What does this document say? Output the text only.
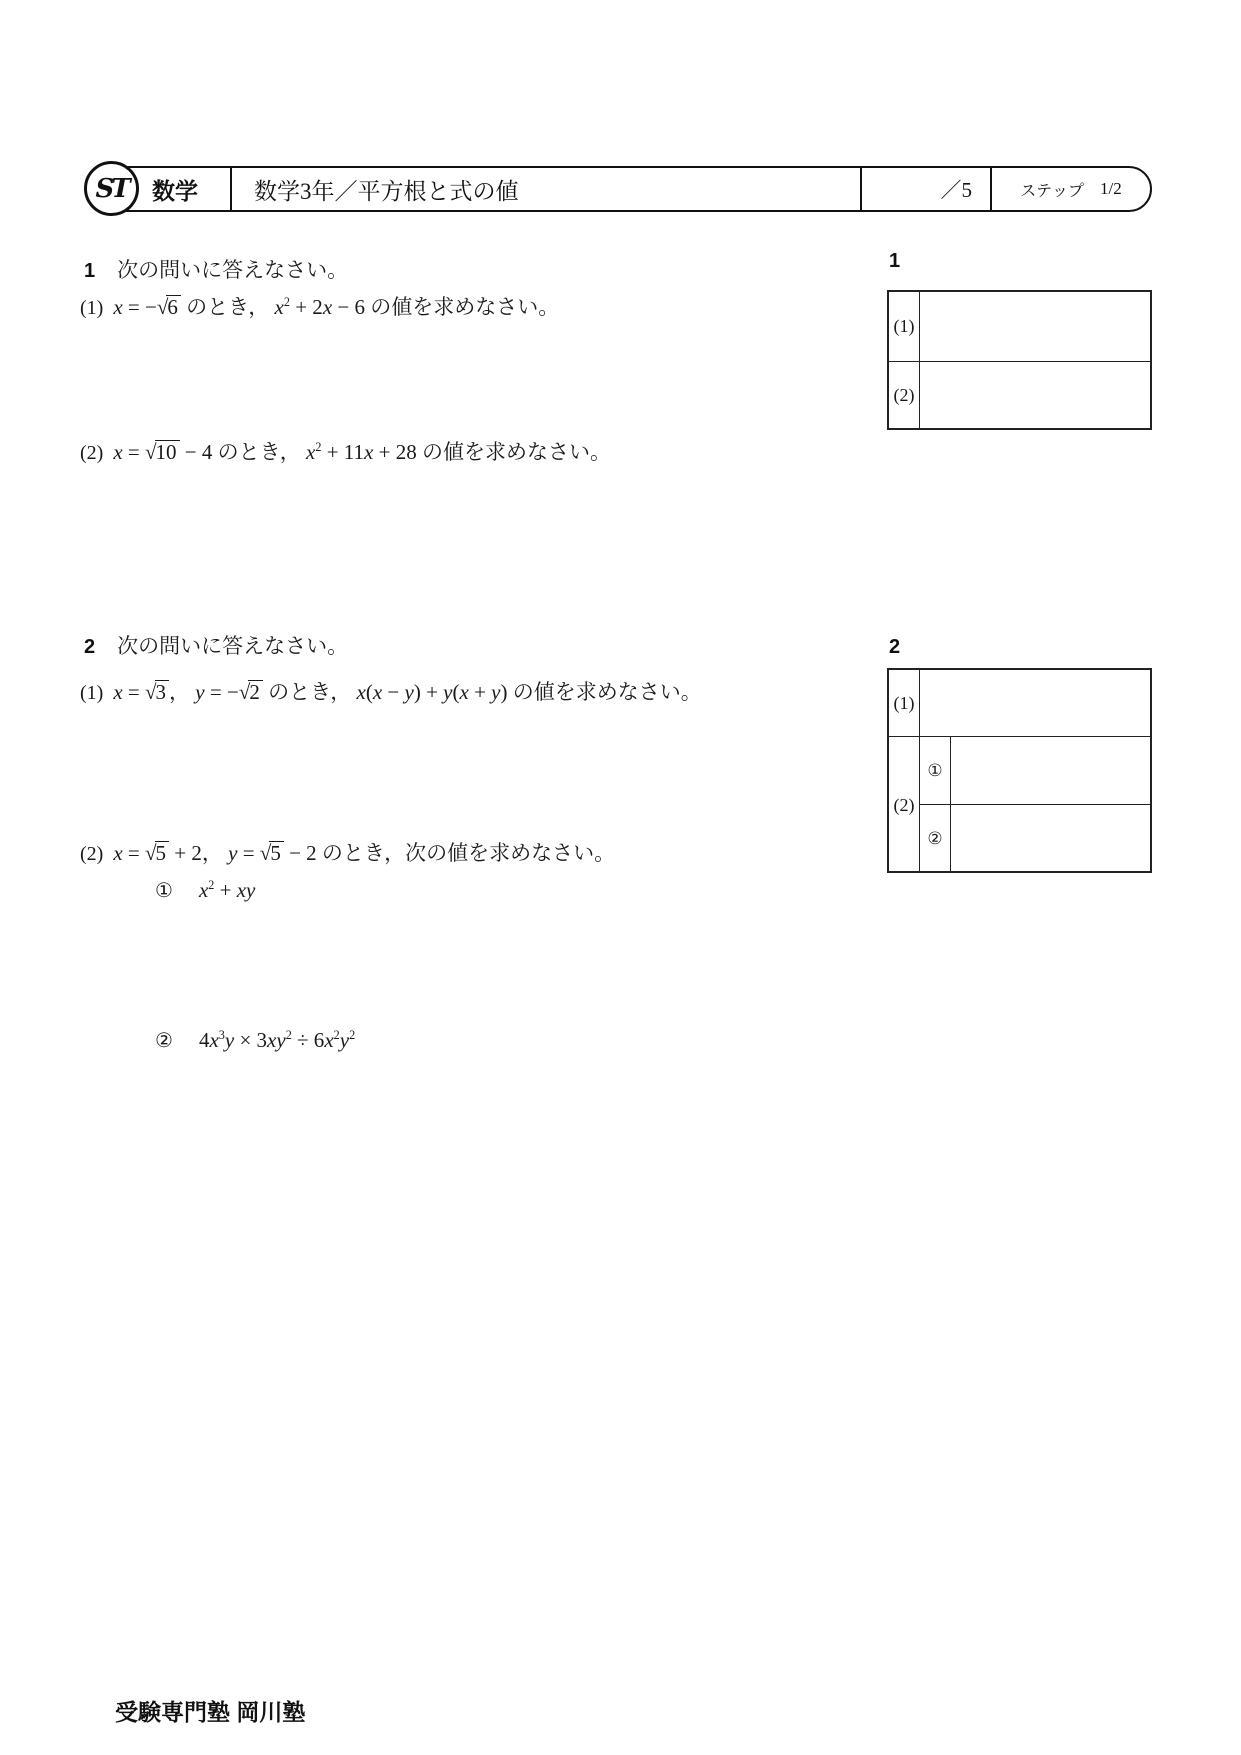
ST	数学 数学3年／平方根と式の値	／5	ステップ 1/2
1 次の問いに答えなさい。
(1) x = −√6 のとき， $x^2 + 2x - 6$ の値を求めなさい。
(2) x = √10 − 4 のとき， $x^2 + 11x + 28$ の値を求めなさい。
1
(1)
(2)
2 次の問いに答えなさい。
(1) x = √3 ， y = −√2 のとき， x(x − y) + y(x + y) の値を求めなさい。
(2) x = √5 + 2， y = √5 − 2 のとき，次の値を求めなさい。
① $x^2$ + xy
② $4x^3y \times 3xy^2 \div 6x^2y^2$
2
(1)
(2)
①
②
受験専門塾 岡川塾
